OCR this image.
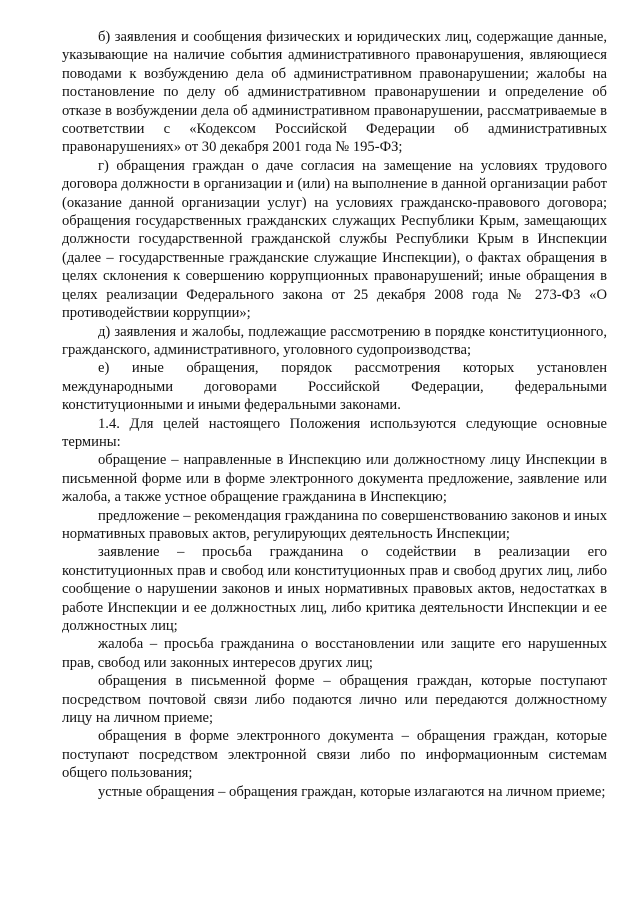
б) заявления и сообщения физических и юридических лиц, содержащие данные, указывающие на наличие события административного правонарушения, являющиеся поводами к возбуждению дела об административном правонарушении; жалобы на постановление по делу об административном правонарушении и определение об отказе в возбуждении дела об административном правонарушении, рассматриваемые в соответствии с «Кодексом Российской Федерации об административных правонарушениях» от 30 декабря 2001 года № 195-ФЗ;

г) обращения граждан о даче согласия на замещение на условиях трудового договора должности в организации и (или) на выполнение в данной организации работ (оказание данной организации услуг) на условиях гражданско-правового договора; обращения государственных гражданских служащих Республики Крым, замещающих должности государственной гражданской службы Республики Крым в Инспекции (далее – государственные гражданские служащие Инспекции), о фактах обращения в целях склонения к совершению коррупционных правонарушений; иные обращения в целях реализации Федерального закона от 25 декабря 2008 года № 273-ФЗ «О противодействии коррупции»;

д) заявления и жалобы, подлежащие рассмотрению в порядке конституционного, гражданского, административного, уголовного судопроизводства;

е) иные обращения, порядок рассмотрения которых установлен международными договорами Российской Федерации, федеральными конституционными и иными федеральными законами.

1.4. Для целей настоящего Положения используются следующие основные термины:

обращение – направленные в Инспекцию или должностному лицу Инспекции в письменной форме или в форме электронного документа предложение, заявление или жалоба, а также устное обращение гражданина в Инспекцию;

предложение – рекомендация гражданина по совершенствованию законов и иных нормативных правовых актов, регулирующих деятельность Инспекции;

заявление – просьба гражданина о содействии в реализации его конституционных прав и свобод или конституционных прав и свобод других лиц, либо сообщение о нарушении законов и иных нормативных правовых актов, недостатках в работе Инспекции и ее должностных лиц, либо критика деятельности Инспекции и ее должностных лиц;

жалоба – просьба гражданина о восстановлении или защите его нарушенных прав, свобод или законных интересов других лиц;

обращения в письменной форме – обращения граждан, которые поступают посредством почтовой связи либо подаются лично или передаются должностному лицу на личном приеме;

обращения в форме электронного документа – обращения граждан, которые поступают посредством электронной связи либо по информационным системам общего пользования;

устные обращения – обращения граждан, которые излагаются на личном приеме;
